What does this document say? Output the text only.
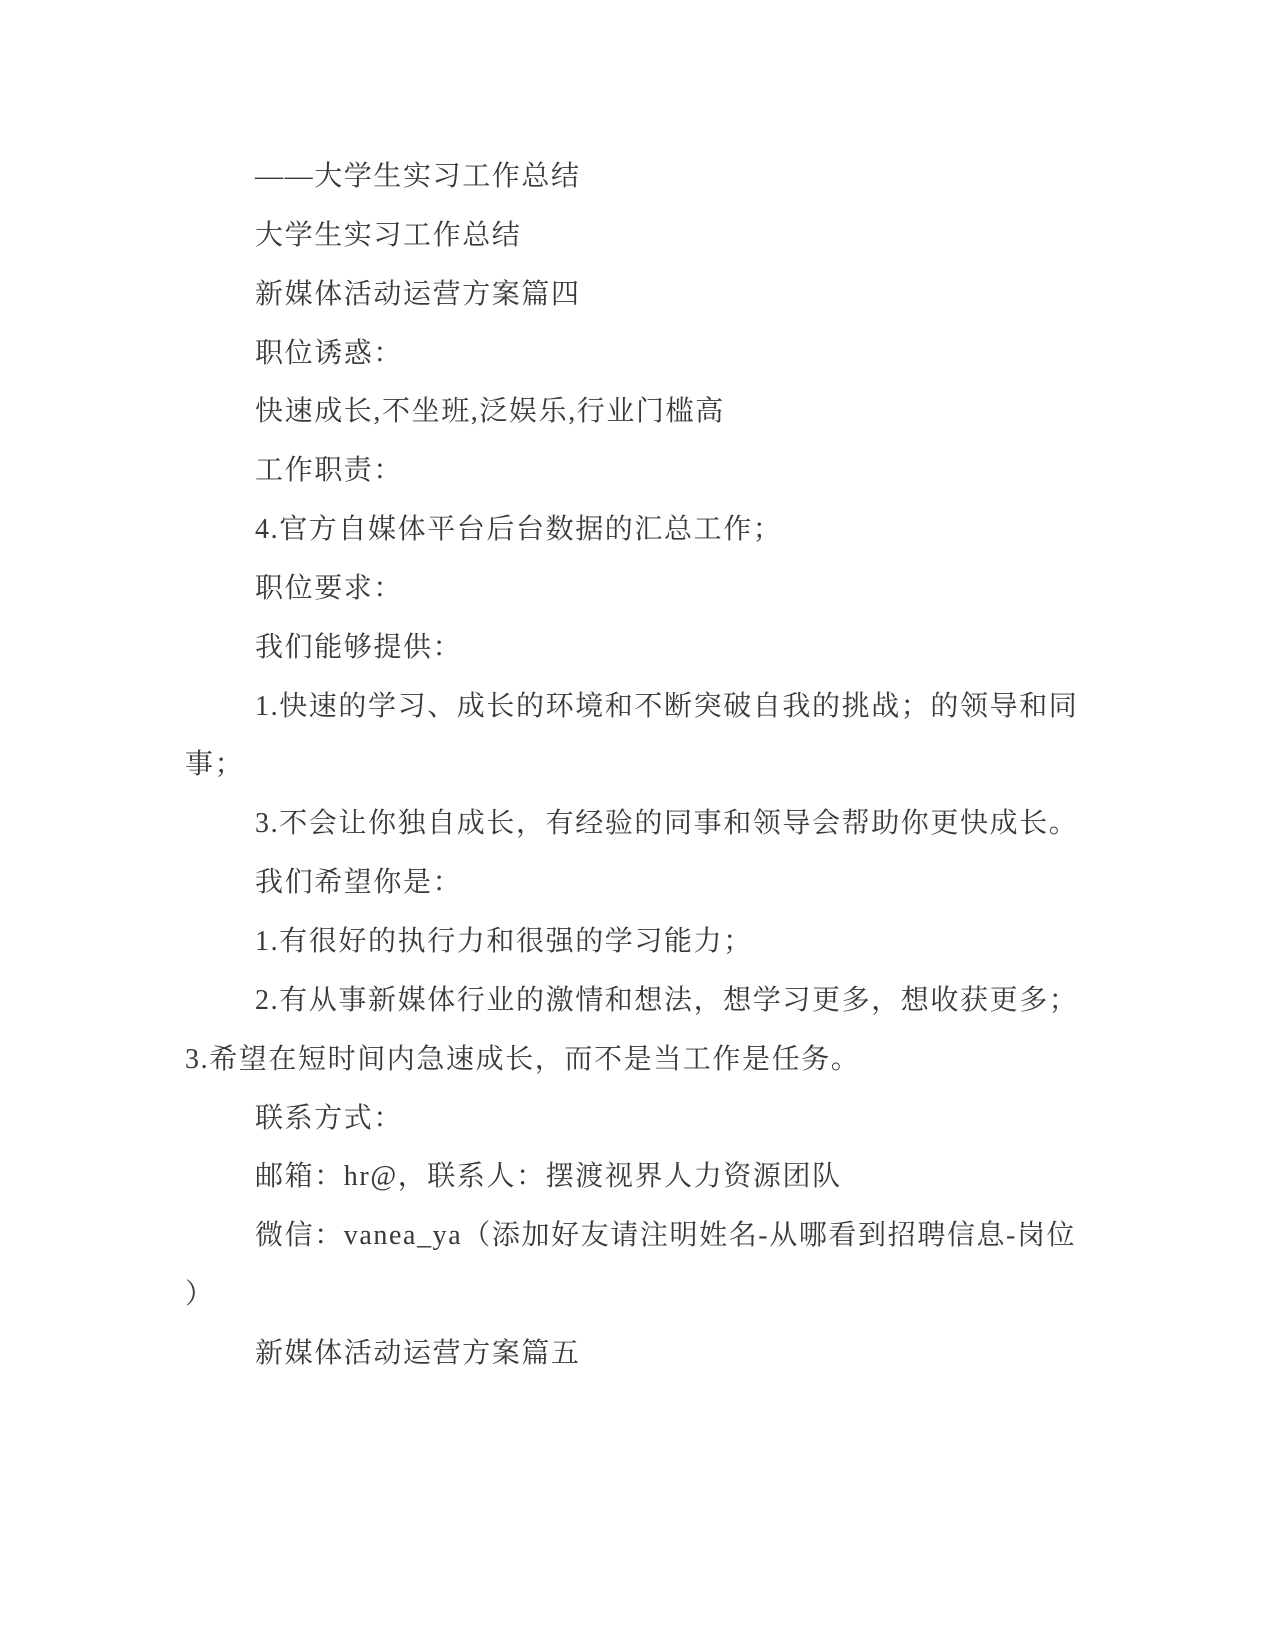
——大学生实习工作总结
大学生实习工作总结
新媒体活动运营方案篇四
职位诱惑：
快速成长,不坐班,泛娱乐,行业门槛高
工作职责：
4.官方自媒体平台后台数据的汇总工作；
职位要求：
我们能够提供：
1.快速的学习、成长的环境和不断突破自我的挑战；的领导和同
事；
3.不会让你独自成长，有经验的同事和领导会帮助你更快成长。
我们希望你是：
1.有很好的执行力和很强的学习能力；
2.有从事新媒体行业的激情和想法，想学习更多，想收获更多；
3.希望在短时间内急速成长，而不是当工作是任务。
联系方式：
邮箱：hr@，联系人：摆渡视界人力资源团队
微信：vanea_ya（添加好友请注明姓名-从哪看到招聘信息-岗位
）
新媒体活动运营方案篇五
